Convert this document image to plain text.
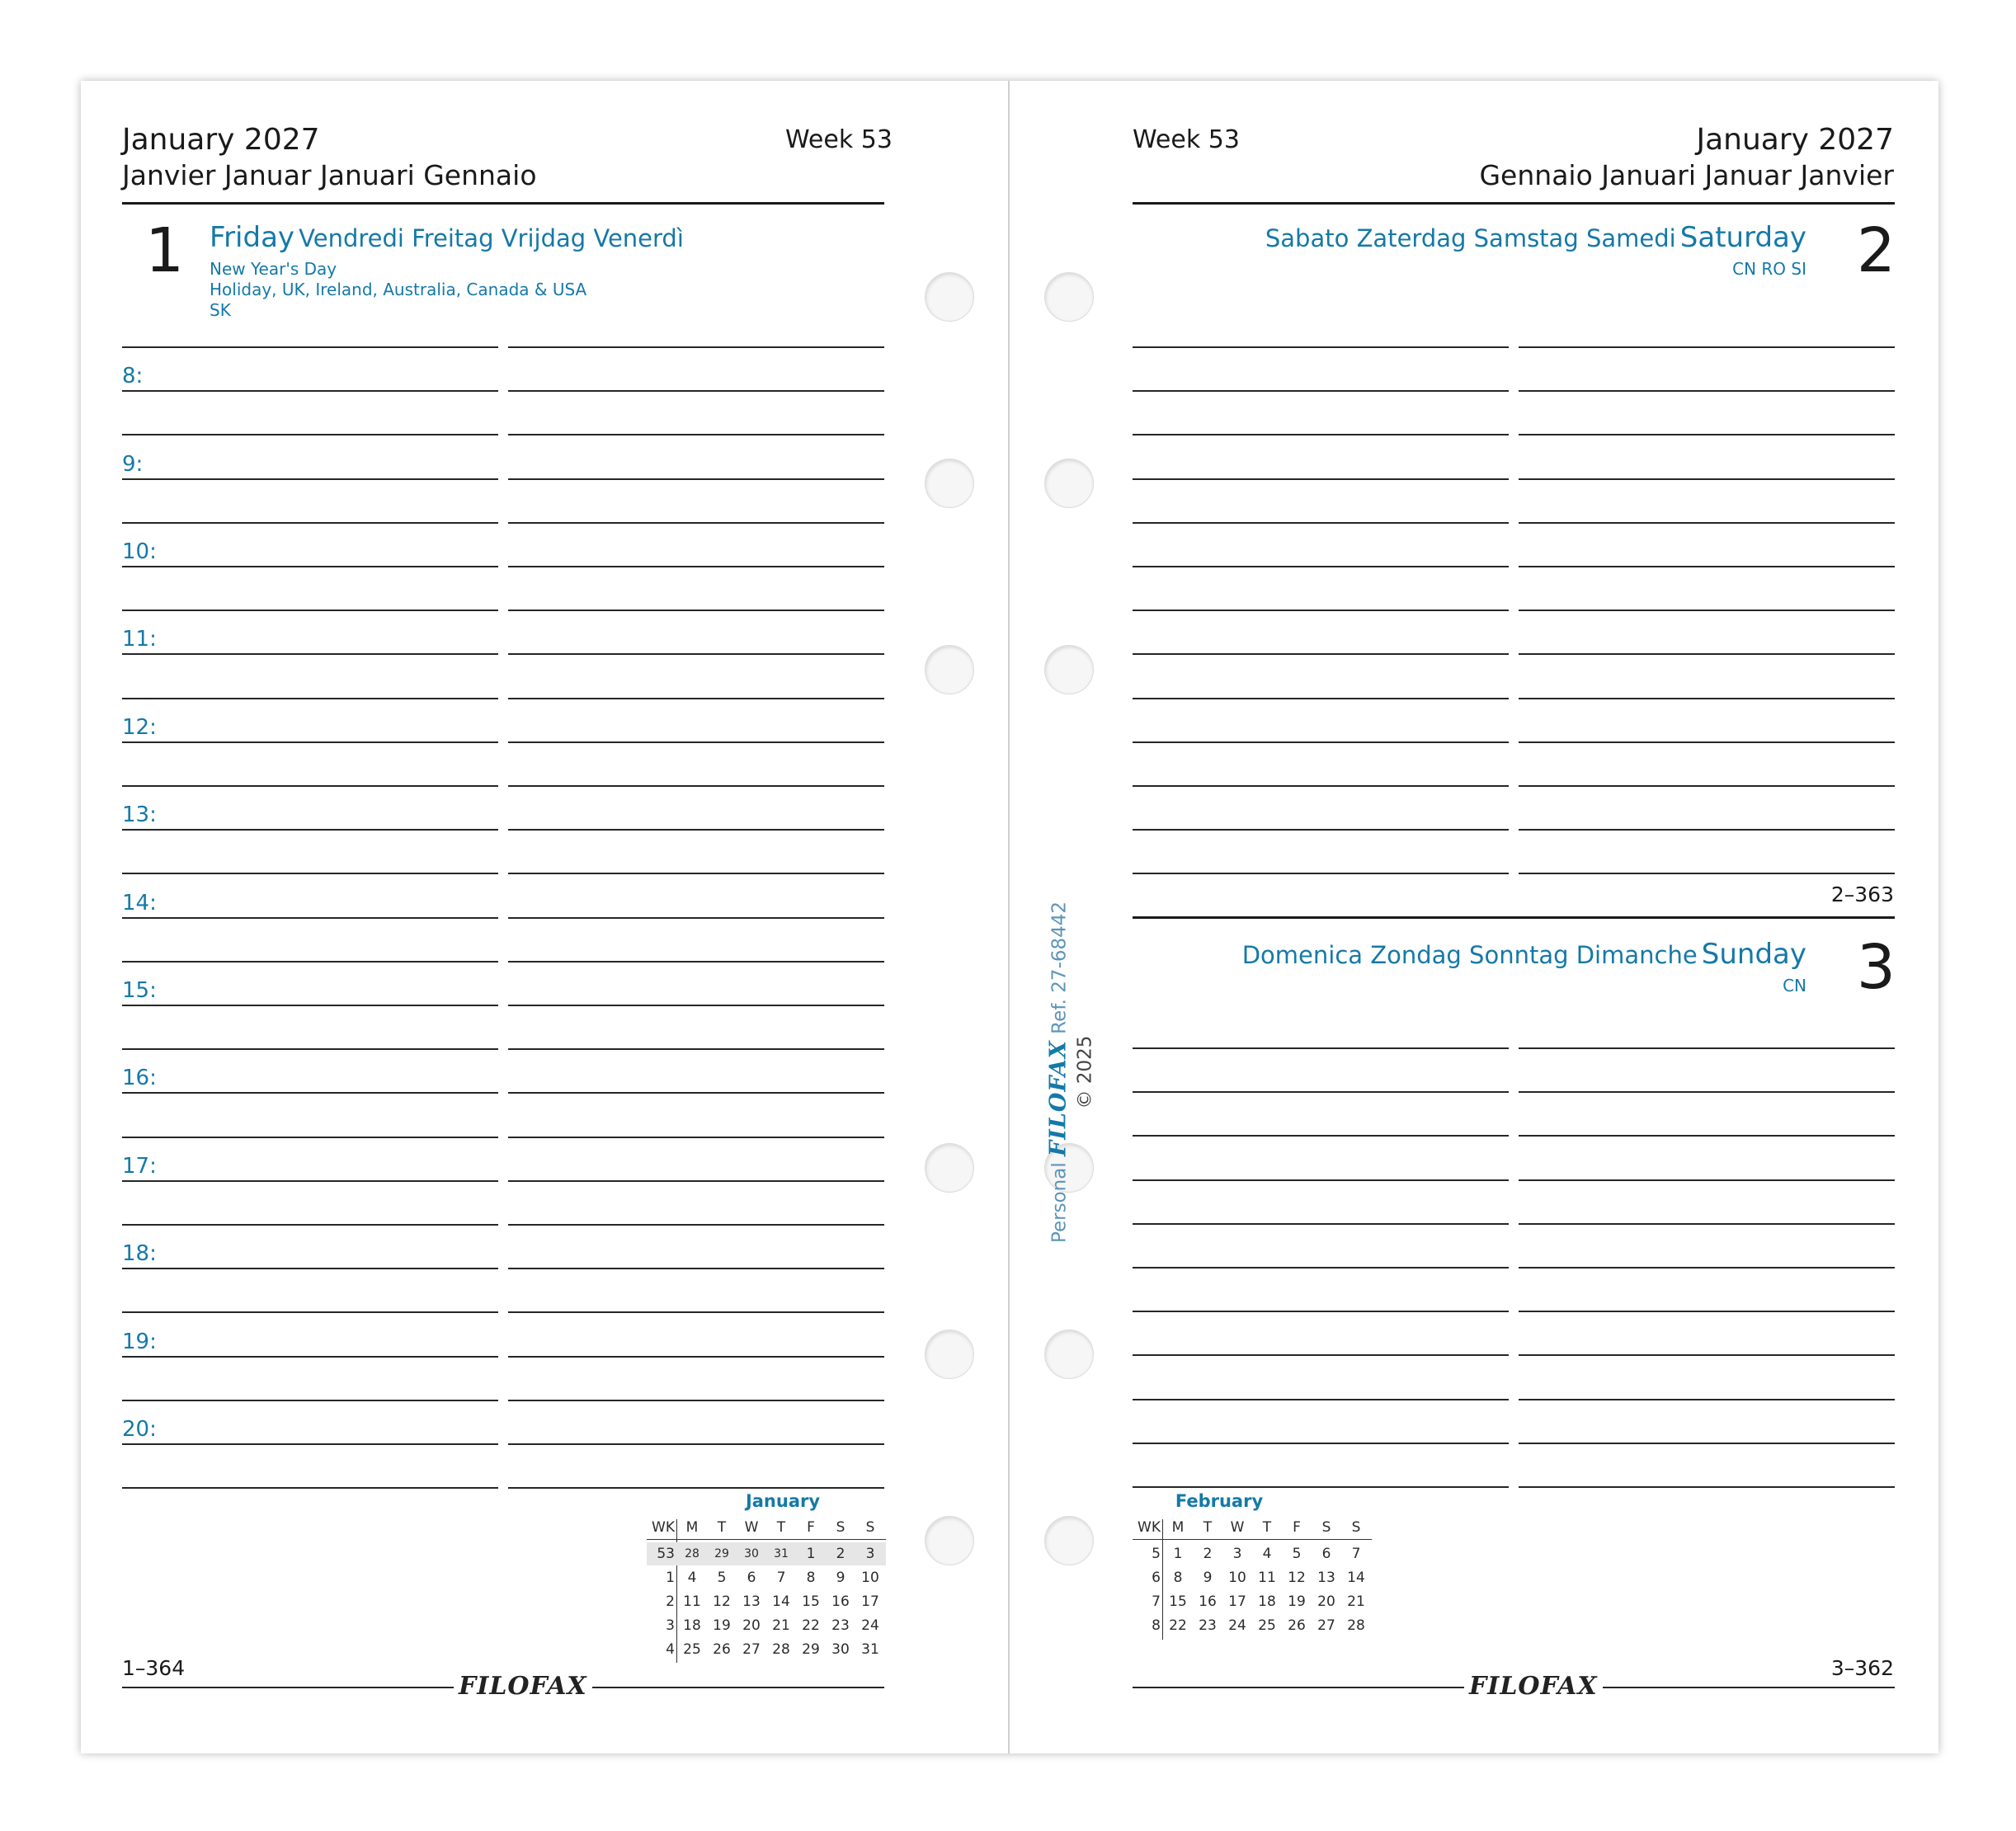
January 2027
Janvier Januar Januari Gennaio
Week 53
1 Friday Vendredi Freitag Vrijdag Venerdì
New Year's Day
Holiday, UK, Ireland, Australia, Canada & USA
SK
8:
9:
10:
11:
12:
13:
14:
15:
16:
17:
18:
19:
20:
January
WK M	T	W	T	F	S	S
53 28	29	30	31	1	2	3
1 4	5	6	7	8	9	10
2 11 12 13 14 15 16 17
3 18 19 20 21 22 23 24
4 25 26 27 28 29 30 31
1–364
FILOFAX
Personal FILOFAX Ref. 27-68442
© 2025
Week 53	January 2027
Gennaio Januari Januar Janvier
Sabato Zaterdag Samstag Samedi Saturday
CN RO SI 2
2–363
Domenica Zondag Sonntag Dimanche Sunday
CN 3
February
WK M	T	W	T	F	S	S
5 1	2	3	4	5	6	7
6 8	9	10 11 12 13 14
7 15 16 17 18 19 20 21
8 22 23 24 25 26 27 28
3–362
FILOFAX
